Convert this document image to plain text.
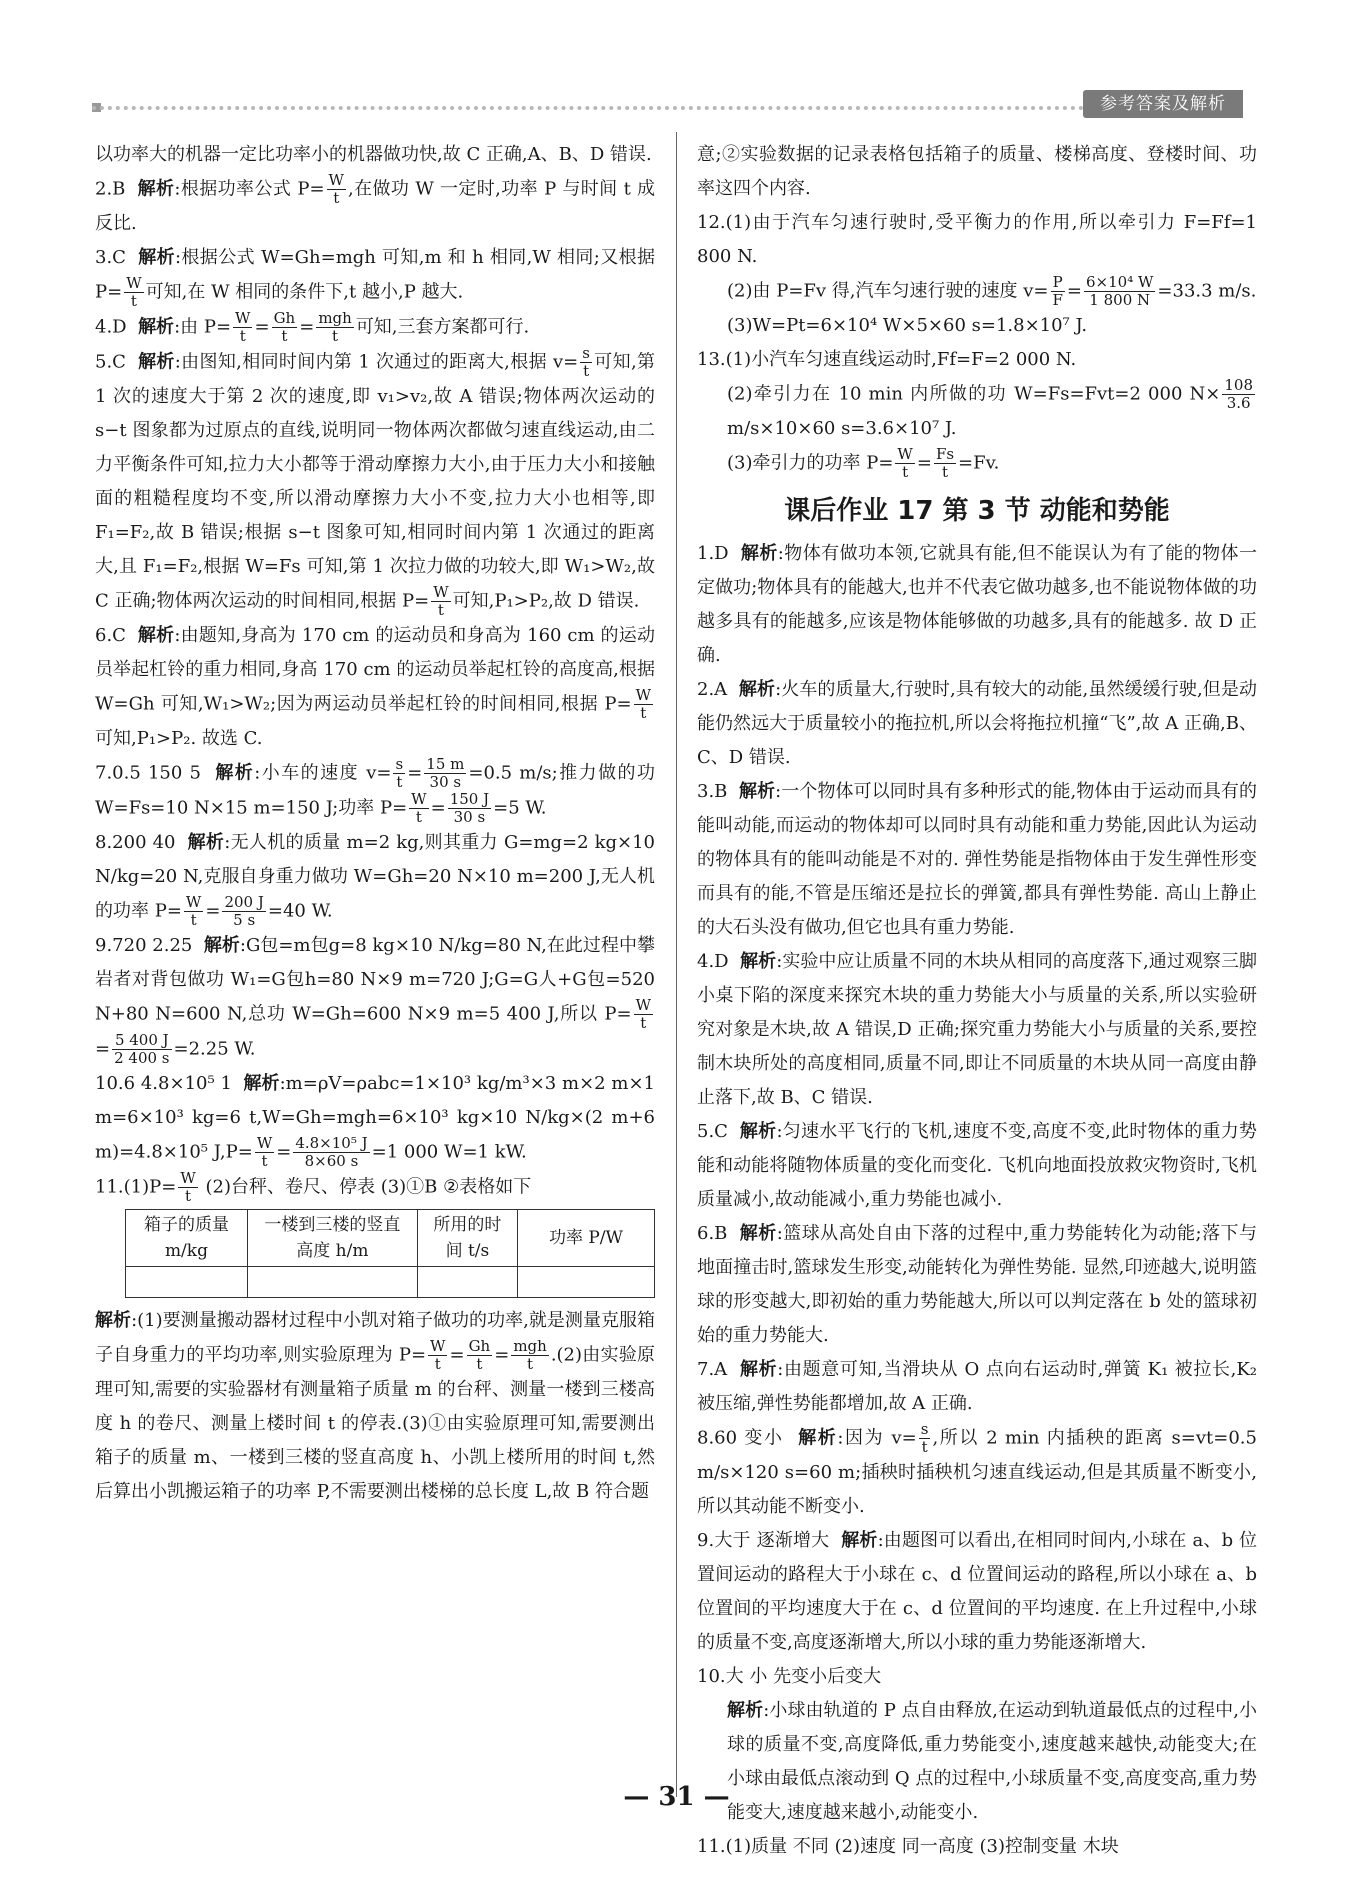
参考答案及解析

以功率大的机器一定比功率小的机器做功快,故 C 正确,A、B、D 错误.

2.B 解析:根据功率公式 $P= \frac{W}{t}$ ,在做功 W 一定时,功率 P 与时间 t 成反比.

3.C 解析:根据公式 W=Gh=mgh 可知,m 和 h 相同,W 相同;又根据 $P= \frac{W}{t}$ 可知,在 W 相同的条件下,t 越小,P 越大.

4.D 解析:由 $P= \frac{W}{t} = \frac{Gh}{t} = \frac{\text{mgh}}{t}$ 可知,三套方案都可行.

5.C 解析:由图知,相同时间内第 1 次通过的距离大,根据 $v= \frac{s}{t}$ 可知,第 1 次的速度大于第 2 次的速度,即 v₁>v₂,故 A 错误;物体两次运动的 s−t 图象都为过原点的直线,说明同一物体两次都做匀速直线运动,由二力平衡条件可知,拉力大小都等于滑动摩擦力大小,由于压力大小和接触面的粗糙程度均不变,所以滑动摩擦力大小不变,拉力大小也相等,即 F₁=F₂,故 B 错误;根据 s−t 图象可知,相同时间内第 1 次通过的距离大,且 F₁=F₂,根据 W=Fs 可知,第 1 次拉力做的功较大,即 W₁>W₂,故 C 正确;物体两次运动的时间相同,根据 $P= \frac{W}{t}$ 可知,P₁>P₂,故 D 错误.

6.C 解析:由题知,身高为 170 cm 的运动员和身高为 160 cm 的运动员举起杠铃的重力相同,身高 170 cm 的运动员举起杠铃的高度高,根据 W=Gh 可知,W₁>W₂;因为两运动员举起杠铃的时间相同,根据 $P= \frac{W}{t}$
可知,P₁>P₂. 故选 C.

7.0.5 150 5 解析:小车的速度 $v= \frac{s}{t} = \frac{15 m}{30 s} =0.5$ m/s;推力做的功 W=Fs=10 N×15 m=150 J;功率 $P= \frac{W}{t} = \frac{150 J}{30 s} =5$ W.

8.200 40 解析:无人机的质量 m=2 kg,则其重力 G=mg=2 kg×10 N/kg=20 N,克服自身重力做功 W=Gh=20 N×10 m=200 J,无人机的功率 $P= \frac{W}{t} = \frac{200 J}{5 s} =40$ W.

9.720 2.25 解析:G包=m包g=8 kg×10 N/kg=80 N,在此过程中攀岩者对背包做功 W₁=G包h=80 N×9 m=720 J;G=G人+G包=520 N+80 N=600 N,总功 W=Gh=600 N×9 m=5 400 J,所以 $P= \frac{W}{t}$
= $\frac{5 400 J}{2 400 s} =2.25$ W.

10.6 4.8×10⁵ 1 解析:m=ρV=ρabc=1×10³ kg/m³×3 m×2 m×1 m=6×10³ kg=6 t,W=Gh=mgh=6×10³ kg×10 N/kg×(2 m+6 m)=4.8×10⁵ $J,P= \frac{W}{t} = \frac{\text{4.8×10⁵ J}}{8\times 60 s} =1$ 000 W=1 kW.

$11.(1)P= \frac{W}{t} (2)$台秤、卷尺、停表 (3)①B ②表格如下

箱子的质量 m/kg	一楼到三楼的竖直高度 h/m	所用的时间 t/s	功率 P/W

解析:(1)要测量搬动器材过程中小凯对箱子做功的功率,就是测量克服箱子自身重力的平均功率,则实验原理为 $P= \frac{W}{t} = \frac{Gh}{t} = \frac{\text{mgh}}{t} .(2)$由实验原理可知,需要的实验器材有测量箱子质量 m 的台秤、测量一楼到三楼高度 h 的卷尺、测量上楼时间 t 的停表.(3)①由实验原理可知,需要测出箱子的质量 m、一楼到三楼的竖直高度 h、小凯上楼所用的时间 t,然后算出小凯搬运箱子的功率 P,不需要测出楼梯的总长度 L,故 B 符合题

意;②实验数据的记录表格包括箱子的质量、楼梯高度、登楼时间、功率这四个内容.

12.(1)由于汽车匀速行驶时,受平衡力的作用,所以牵引力 F=Ff=1 800 N.

(2)由 P=Fv 得,汽车匀速行驶的速度 $v= \frac{P}{F} = \frac{\text{6×10⁴ W}}{1 800 N} =33.3$ m/s.

(3)W=Pt=6×10⁴ W×5×60 s=1.8×10⁷ J.

13.(1)小汽车匀速直线运动时,Ff=F=2 000 N.

(2)牵引力在 10 min 内所做的功 W=Fs=Fvt=2 000 $N\times \frac{108}{3.6}$
m/s×10×60 s=3.6×10⁷ J.

(3)牵引力的功率 $P= \frac{W}{t} = \frac{Fs}{t} =Fv$.

课后作业 17 第 3 节 动能和势能

1.D 解析:物体有做功本领,它就具有能,但不能误认为有了能的物体一定做功;物体具有的能越大,也并不代表它做功越多,也不能说物体做的功越多具有的能越多,应该是物体能够做的功越多,具有的能越多. 故 D 正确.

2.A 解析:火车的质量大,行驶时,具有较大的动能,虽然缓缓行驶,但是动能仍然远大于质量较小的拖拉机,所以会将拖拉机撞“飞”,故 A 正确,B、C、D 错误.

3.B 解析:一个物体可以同时具有多种形式的能,物体由于运动而具有的能叫动能,而运动的物体却可以同时具有动能和重力势能,因此认为运动的物体具有的能叫动能是不对的. 弹性势能是指物体由于发生弹性形变而具有的能,不管是压缩还是拉长的弹簧,都具有弹性势能. 高山上静止的大石头没有做功,但它也具有重力势能.

4.D 解析:实验中应让质量不同的木块从相同的高度落下,通过观察三脚小桌下陷的深度来探究木块的重力势能大小与质量的关系,所以实验研究对象是木块,故 A 错误,D 正确;探究重力势能大小与质量的关系,要控制木块所处的高度相同,质量不同,即让不同质量的木块从同一高度由静止落下,故 B、C 错误.

5.C 解析:匀速水平飞行的飞机,速度不变,高度不变,此时物体的重力势能和动能将随物体质量的变化而变化. 飞机向地面投放救灾物资时,飞机质量减小,故动能减小,重力势能也减小.

6.B 解析:篮球从高处自由下落的过程中,重力势能转化为动能;落下与地面撞击时,篮球发生形变,动能转化为弹性势能. 显然,印迹越大,说明篮球的形变越大,即初始的重力势能越大,所以可以判定落在 b 处的篮球初始的重力势能大.

7.A 解析:由题意可知,当滑块从 O 点向右运动时,弹簧 K₁ 被拉长,K₂ 被压缩,弹性势能都增加,故 A 正确.

8.60 变小 解析:因为 $v= \frac{s}{t}$ ,所以 2 min 内插秧的距离 s=vt=0.5 m/s×120 s=60 m;插秧时插秧机匀速直线运动,但是其质量不断变小,所以其动能不断变小.

9.大于 逐渐增大 解析:由题图可以看出,在相同时间内,小球在 a、b 位置间运动的路程大于小球在 c、d 位置间运动的路程,所以小球在 a、b 位置间的平均速度大于在 c、d 位置间的平均速度. 在上升过程中,小球的质量不变,高度逐渐增大,所以小球的重力势能逐渐增大.

10.大 小 先变小后变大

解析:小球由轨道的 P 点自由释放,在运动到轨道最低点的过程中,小球的质量不变,高度降低,重力势能变小,速度越来越快,动能变大;在小球由最低点滚动到 Q 点的过程中,小球质量不变,高度变高,重力势能变大,速度越来越小,动能变小.

11.(1)质量 不同 (2)速度 同一高度 (3)控制变量 木块

— 31 —
